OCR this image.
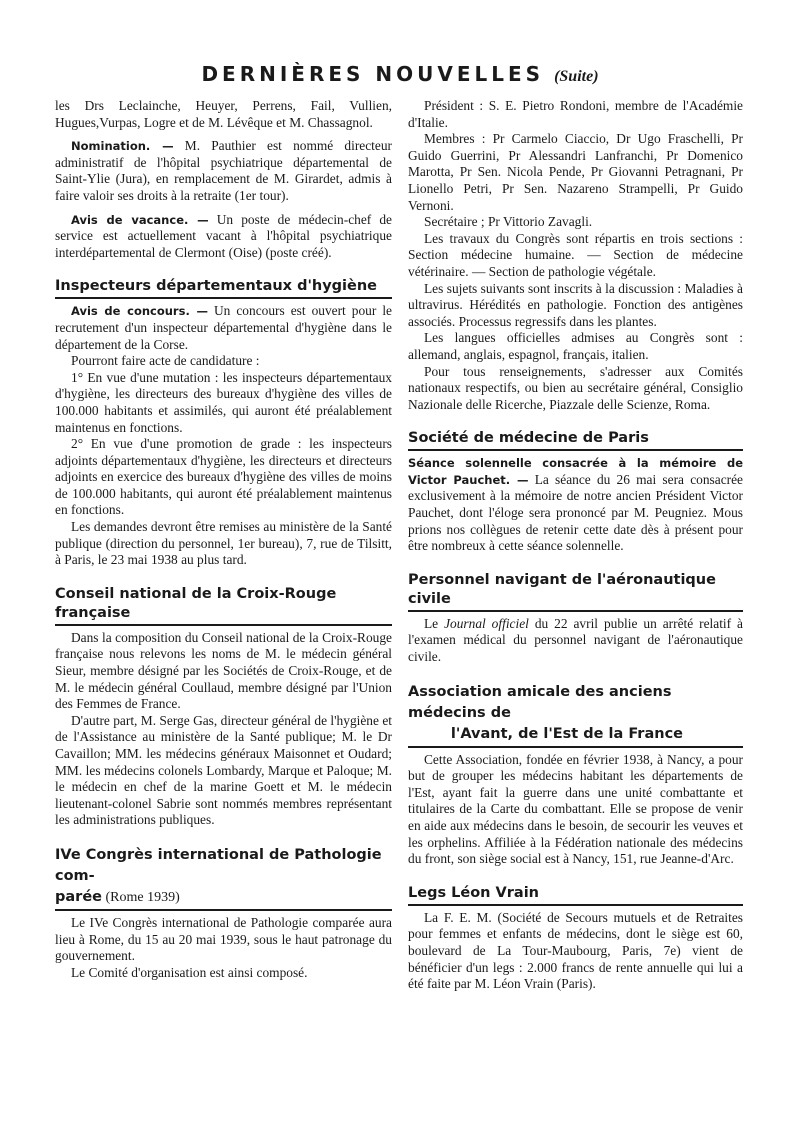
DERNIÈRES NOUVELLES (Suite)

les Drs Leclainche, Heuyer, Perrens, Fail, Vullien, Hugues,Vurpas, Logre et de M. Lévêque et M. Chassagnol.

Nomination. — M. Pauthier est nommé directeur administratif de l'hôpital psychiatrique départemental de Saint-Ylie (Jura), en remplacement de M. Girardet, admis à faire valoir ses droits à la retraite (1er tour).

Avis de vacance. — Un poste de médecin-chef de service est actuellement vacant à l'hôpital psychiatrique interdépartemental de Clermont (Oise) (poste créé).

Inspecteurs départementaux d'hygiène

Avis de concours. — Un concours est ouvert pour le recrutement d'un inspecteur départemental d'hygiène dans le département de la Corse.

Pourront faire acte de candidature :

1° En vue d'une mutation : les inspecteurs départementaux d'hygiène, les directeurs des bureaux d'hygiène des villes de 100.000 habitants et assimilés, qui auront été préalablement maintenus en fonctions.

2° En vue d'une promotion de grade : les inspecteurs adjoints départementaux d'hygiène, les directeurs et directeurs adjoints en exercice des bureaux d'hygiène des villes de moins de 100.000 habitants, qui auront été préalablement maintenus en fonctions.

Les demandes devront être remises au ministère de la Santé publique (direction du personnel, 1er bureau), 7, rue de Tilsitt, à Paris, le 23 mai 1938 au plus tard.

Conseil national de la Croix-Rouge française

Dans la composition du Conseil national de la Croix-Rouge française nous relevons les noms de M. le médecin général Sieur, membre désigné par les Sociétés de Croix-Rouge, et de M. le médecin général Coullaud, membre désigné par l'Union des Femmes de France.

D'autre part, M. Serge Gas, directeur général de l'hygiène et de l'Assistance au ministère de la Santé publique; M. le Dr Cavaillon; MM. les médecins généraux Maisonnet et Oudard; MM. les médecins colonels Lombardy, Marque et Paloque; M. le médecin en chef de la marine Goett et M. le médecin lieutenant-colonel Sabrie sont nommés membres représentant les administrations publiques.

IVe Congrès international de Pathologie com-
parée (Rome 1939)

Le IVe Congrès international de Pathologie comparée aura lieu à Rome, du 15 au 20 mai 1939, sous le haut patronage du gouvernement.

Le Comité d'organisation est ainsi composé.

Président : S. E. Pietro Rondoni, membre de l'Académie d'Italie.

Membres : Pr Carmelo Ciaccio, Dr Ugo Fraschelli, Pr Guido Guerrini, Pr Alessandri Lanfranchi, Pr Domenico Marotta, Pr Sen. Nicola Pende, Pr Giovanni Petragnani, Pr Lionello Petri, Pr Sen. Nazareno Strampelli, Pr Guido Vernoni.

Secrétaire ; Pr Vittorio Zavagli.

Les travaux du Congrès sont répartis en trois sections : Section médecine humaine. — Section de médecine vétérinaire. — Section de pathologie végétale.

Les sujets suivants sont inscrits à la discussion : Maladies à ultravirus. Hérédités en pathologie. Fonction des antigènes associés. Processus regressifs dans les plantes.

Les langues officielles admises au Congrès sont : allemand, anglais, espagnol, français, italien.

Pour tous renseignements, s'adresser aux Comités nationaux respectifs, ou bien au secrétaire général, Consiglio Nazionale delle Ricerche, Piazzale delle Scienze, Roma.

Société de médecine de Paris

Séance solennelle consacrée à la mémoire de Victor Pauchet. — La séance du 26 mai sera consacrée exclusivement à la mémoire de notre ancien Président Victor Pauchet, dont l'éloge sera prononcé par M. Peugniez. Mous prions nos collègues de retenir cette date dès à présent pour être nombreux à cette séance solennelle.

Personnel navigant de l'aéronautique civile

Le Journal officiel du 22 avril publie un arrêté relatif à l'examen médical du personnel navigant de l'aéronautique civile.

Association amicale des anciens médecins de
l'Avant, de l'Est de la France

Cette Association, fondée en février 1938, à Nancy, a pour but de grouper les médecins habitant les départements de l'Est, ayant fait la guerre dans une unité combattante et titulaires de la Carte du combattant. Elle se propose de venir en aide aux médecins dans le besoin, de secourir les veuves et les orphelins. Affiliée à la Fédération nationale des médecins du front, son siège social est à Nancy, 151, rue Jeanne-d'Arc.

Legs Léon Vrain

La F. E. M. (Société de Secours mutuels et de Retraites pour femmes et enfants de médecins, dont le siège est 60, boulevard de La Tour-Maubourg, Paris, 7e) vient de bénéficier d'un legs : 2.000 francs de rente annuelle qui lui a été faite par M. Léon Vrain (Paris).
